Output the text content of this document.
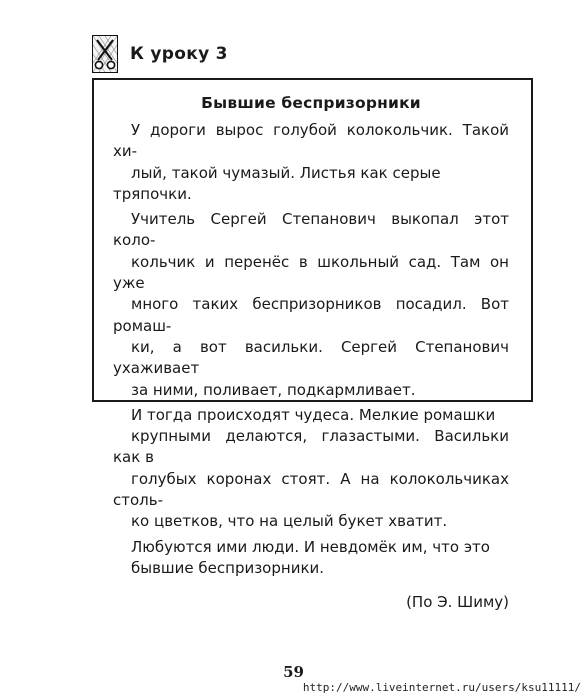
К уроку 3
Бывшие беспризорники

У дороги вырос голубой колокольчик. Такой хи-
лый, такой чумазый. Листья как серые тряпочки.

Учитель Сергей Степанович выкопал этот коло-
кольчик и перенёс в школьный сад. Там он уже
много таких беспризорников посадил. Вот ромаш-
ки, а вот васильки. Сергей Степанович ухаживает
за ними, поливает, подкармливает.

И тогда происходят чудеса. Мелкие ромашки
крупными делаются, глазастыми. Васильки как в
голубых коронах стоят. А на колокольчиках столь-
ко цветков, что на целый букет хватит.

Любуются ими люди. И невдомёк им, что это
бывшие беспризорники.

(По Э. Шиму)
59
http://www.liveinternet.ru/users/ksu11111/
